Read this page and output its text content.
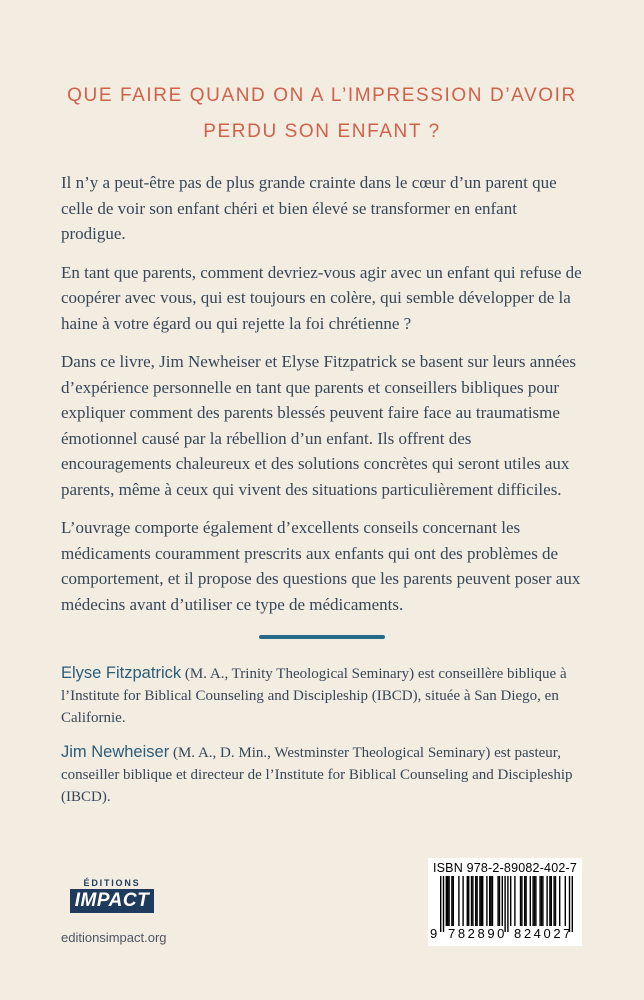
QUE FAIRE QUAND ON A L’IMPRESSION D’AVOIR
PERDU SON ENFANT ?

Il n’y a peut-être pas de plus grande crainte dans le cœur d’un parent que celle de voir son enfant chéri et bien élevé se transformer en enfant prodigue.

En tant que parents, comment devriez-vous agir avec un enfant qui refuse de coopérer avec vous, qui est toujours en colère, qui semble développer de la haine à votre égard ou qui rejette la foi chrétienne ?

Dans ce livre, Jim Newheiser et Elyse Fitzpatrick se basent sur leurs années d’expérience personnelle en tant que parents et conseillers bibliques pour expliquer comment des parents blessés peuvent faire face au traumatisme émotionnel causé par la rébellion d’un enfant. Ils offrent des encouragements chaleureux et des solutions concrètes qui seront utiles aux parents, même à ceux qui vivent des situations particulièrement difficiles.

L’ouvrage comporte également d’excellents conseils concernant les médicaments couramment prescrits aux enfants qui ont des problèmes de comportement, et il propose des questions que les parents peuvent poser aux médecins avant d’utiliser ce type de médicaments.

Elyse Fitzpatrick (M. A., Trinity Theological Seminary) est conseillère biblique à l’Institute for Biblical Counseling and Discipleship (IBCD), située à San Diego, en Californie.

Jim Newheiser (M. A., D. Min., Westminster Theological Seminary) est pasteur, conseiller biblique et directeur de l’Institute for Biblical Counseling and Discipleship (IBCD).

ÉDITIONS
IMPACT
editionsimpact.org
ISBN 978-2-89082-402-7
9 782890 824027
